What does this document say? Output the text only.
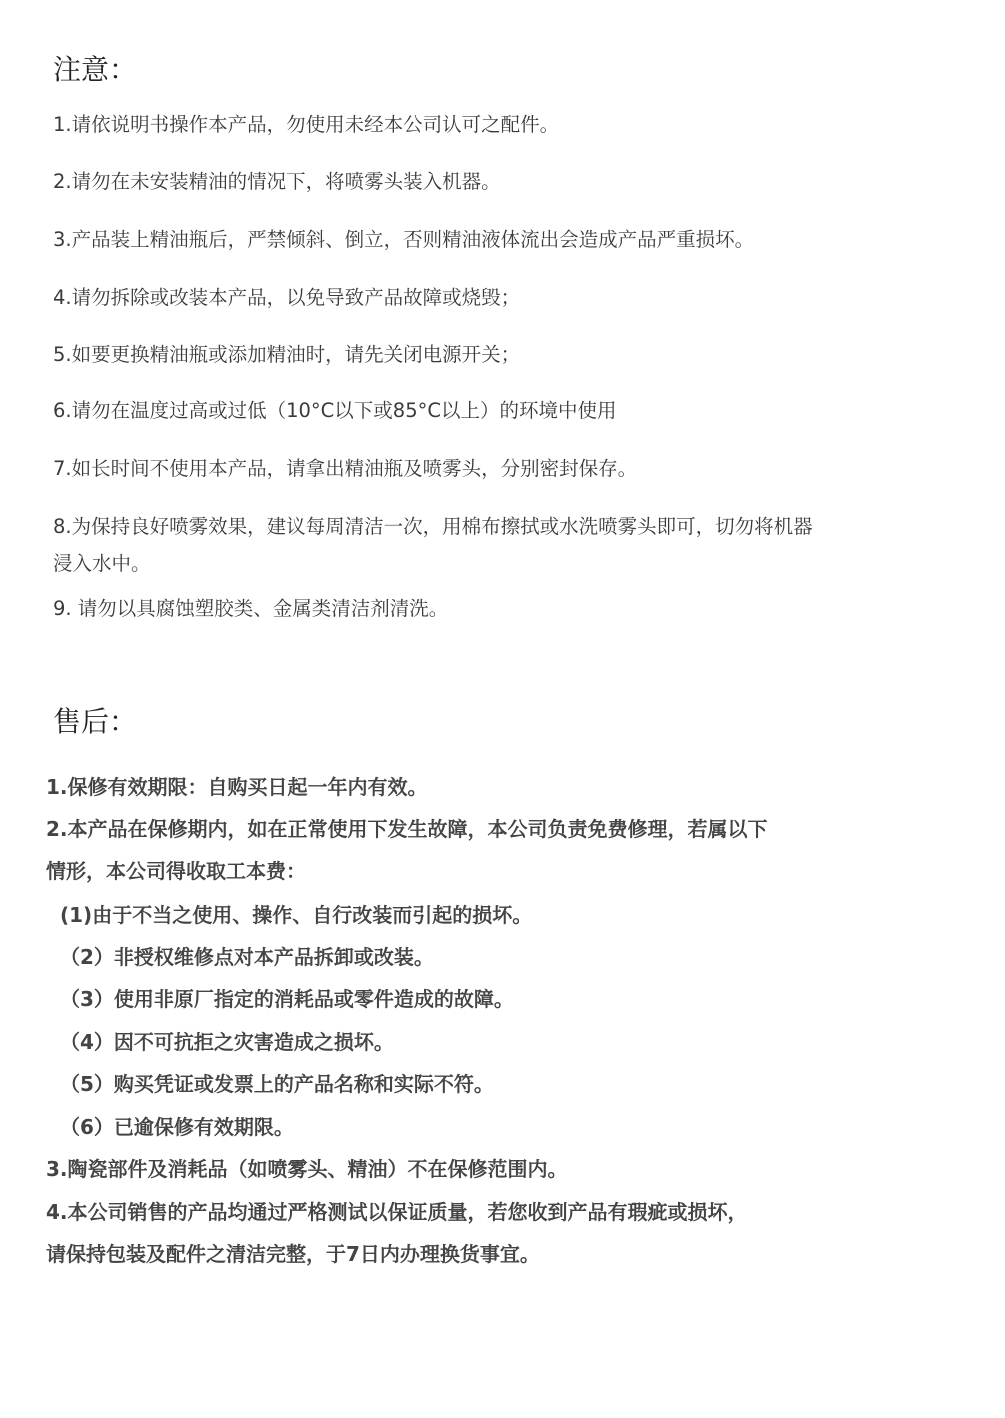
注意：
1.请依说明书操作本产品，勿使用未经本公司认可之配件。
2.请勿在未安装精油的情况下，将喷雾头装入机器。
3.产品装上精油瓶后，严禁倾斜、倒立，否则精油液体流出会造成产品严重损坏。
4.请勿拆除或改装本产品，以免导致产品故障或烧毁；
5.如要更换精油瓶或添加精油时，请先关闭电源开关；
6.请勿在温度过高或过低（10°C以下或85°C以上）的环境中使用
7.如长时间不使用本产品，请拿出精油瓶及喷雾头，分别密封保存。
8.为保持良好喷雾效果，建议每周清洁一次，用棉布擦拭或水洗喷雾头即可，切勿将机器
浸入水中。
9. 请勿以具腐蚀塑胶类、金属类清洁剂清洗。
售后：
1.保修有效期限：自购买日起一年内有效。
2.本产品在保修期内，如在正常使用下发生故障，本公司负责免费修理，若属以下
情形，本公司得收取工本费：
(1)由于不当之使用、操作、自行改装而引起的损坏。
（2）非授权维修点对本产品拆卸或改装。
（3）使用非原厂指定的消耗品或零件造成的故障。
（4）因不可抗拒之灾害造成之损坏。
（5）购买凭证或发票上的产品名称和实际不符。
（6）已逾保修有效期限。
3.陶瓷部件及消耗品（如喷雾头、精油）不在保修范围内。
4.本公司销售的产品均通过严格测试以保证质量，若您收到产品有瑕疵或损坏，
请保持包装及配件之清洁完整，于7日内办理换货事宜。
